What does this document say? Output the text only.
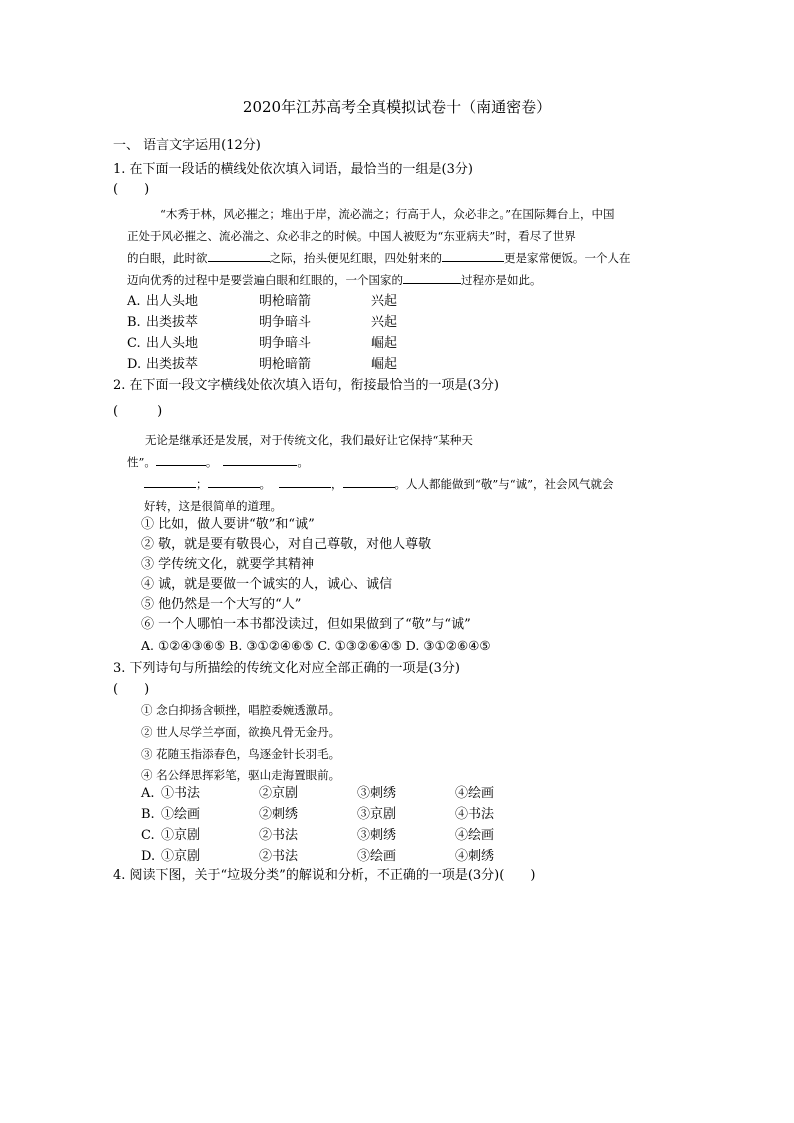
2020年江苏高考全真模拟试卷十（南通密卷）
一、 语言文字运用(12分)
1. 在下面一段话的横线处依次填入词语，最恰当的一组是(3分)
(　　)
“木秀于林，风必摧之；堆出于岸，流必湍之；行高于人，众必非之。”在国际舞台上，中国
正处于风必摧之、流必湍之、众必非之的时候。中国人被贬为“东亚病夫”时，看尽了世界
的白眼，此时欲	之际，抬头便见红眼，四处射来的	更是家常便饭。一个人在
迈向优秀的过程中是要尝遍白眼和红眼的，一个国家的	过程亦是如此。
A. 出人头地	明枪暗箭	兴起
B. 出类拔萃	明争暗斗	兴起
C. 出人头地	明争暗斗	崛起
D. 出类拔萃	明枪暗箭	崛起
2. 在下面一段文字横线处依次填入语句，衔接最恰当的一项是(3分)
(　　　)
无论是继承还是发展，对于传统文化，我们最好让它保持“某种天
性”。	。	。
；	。	，	。人人都能做到“敬”与“诚”，社会风气就会
好转，这是很简单的道理。
① 比如，做人要讲“敬”和“诚”
② 敬，就是要有敬畏心，对自己尊敬，对他人尊敬
③ 学传统文化，就要学其精神
④ 诚，就是要做一个诚实的人，诚心、诚信
⑤ 他仍然是一个大写的“人”
⑥ 一个人哪怕一本书都没读过，但如果做到了“敬”与“诚”
A. ①②④③⑥⑤ B. ③①②④⑥⑤ C. ①③②⑥④⑤ D. ③①②⑥④⑤
3. 下列诗句与所描绘的传统文化对应全部正确的一项是(3分)
(　　)
① 念白抑扬含顿挫，唱腔委婉透激昂。
② 世人尽学兰亭面，欲换凡骨无金丹。
③ 花随玉指添春色，鸟逐金针长羽毛。
④ 名公绎思挥彩笔，驱山走海置眼前。
A. ①书法	②京剧	③刺绣	④绘画
B. ①绘画	②刺绣	③京剧	④书法
C. ①京剧	②书法	③刺绣	④绘画
D. ①京剧	②书法	③绘画	④刺绣
4. 阅读下图，关于“垃圾分类”的解说和分析，不正确的一项是(3分)(　　)
